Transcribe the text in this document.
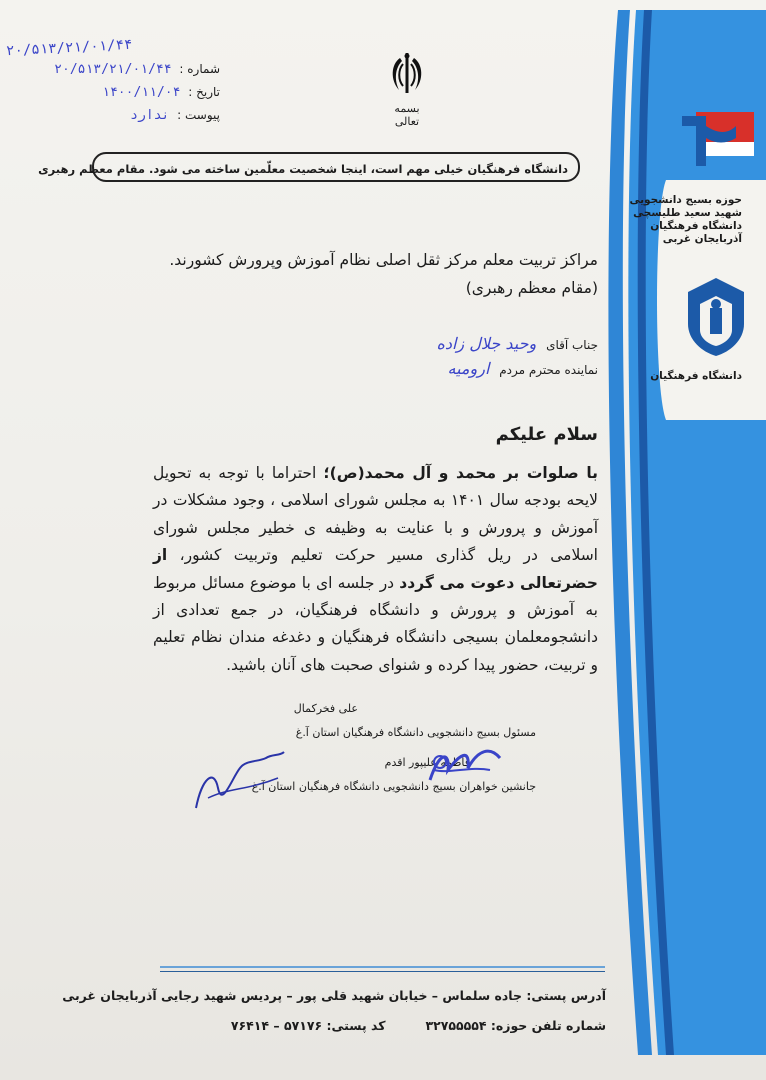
۲۰/۵۱۳/۲۱/۰۱/۴۴
شماره : ۲۰/۵۱۳/۲۱/۰۱/۴۴
تاریخ : ۱۴۰۰/۱۱/۰۴
پیوست : ندارد	بسمه تعالی
دانشگاه فرهنگیان خیلی مهم است، اینجا شخصیت معلّمین ساخته می شود. مقام معظم رهبری
حوزه بسیج دانشجویی
شهید سعید طلیسچی
دانشگاه فرهنگیان
آذربایجان غربی
دانشگاه فرهنگیان
مراکز تربیت معلم مرکز ثقل اصلی نظام آموزش وپرورش کشورند.(مقام معظم رهبری)
جناب آقای وحید جلال زاده
نماینده محترم مردم ارومیه
سلام علیکم
با صلوات بر محمد و آل محمد(ص)؛ احتراما با توجه به تحویل لایحه بودجه سال ۱۴۰۱ به مجلس شورای اسلامی ، وجود مشکلات در آموزش و پرورش و با عنایت به وظیفه ی خطیر مجلس شورای اسلامی در ریل گذاری مسیر حرکت تعلیم وتربیت کشور، از حضرتعالی دعوت می گردد در جلسه ای با موضوع مسائل مربوط به آموزش و پرورش و دانشگاه فرهنگیان، در جمع تعدادی از دانشجومعلمان بسیجی دانشگاه فرهنگیان و دغدغه مندان نظام تعلیم و تربیت، حضور پیدا کرده و شنوای صحبت های آنان باشید.
علی فخرکمال
مسئول بسیج دانشجویی دانشگاه فرهنگیان استان آ.غ
فاطمه علیپور اقدم
جانشین خواهران بسیج دانشجویی دانشگاه فرهنگیان استان آ.غ
آدرس پستی: جاده سلماس – خیابان شهید قلی پور – پردیس شهید رجایی آذربایجان غربی
شماره تلفن حوزه: ۳۲۷۵۵۵۵۴کد پستی: ۵۷۱۷۶ – ۷۶۴۱۴
